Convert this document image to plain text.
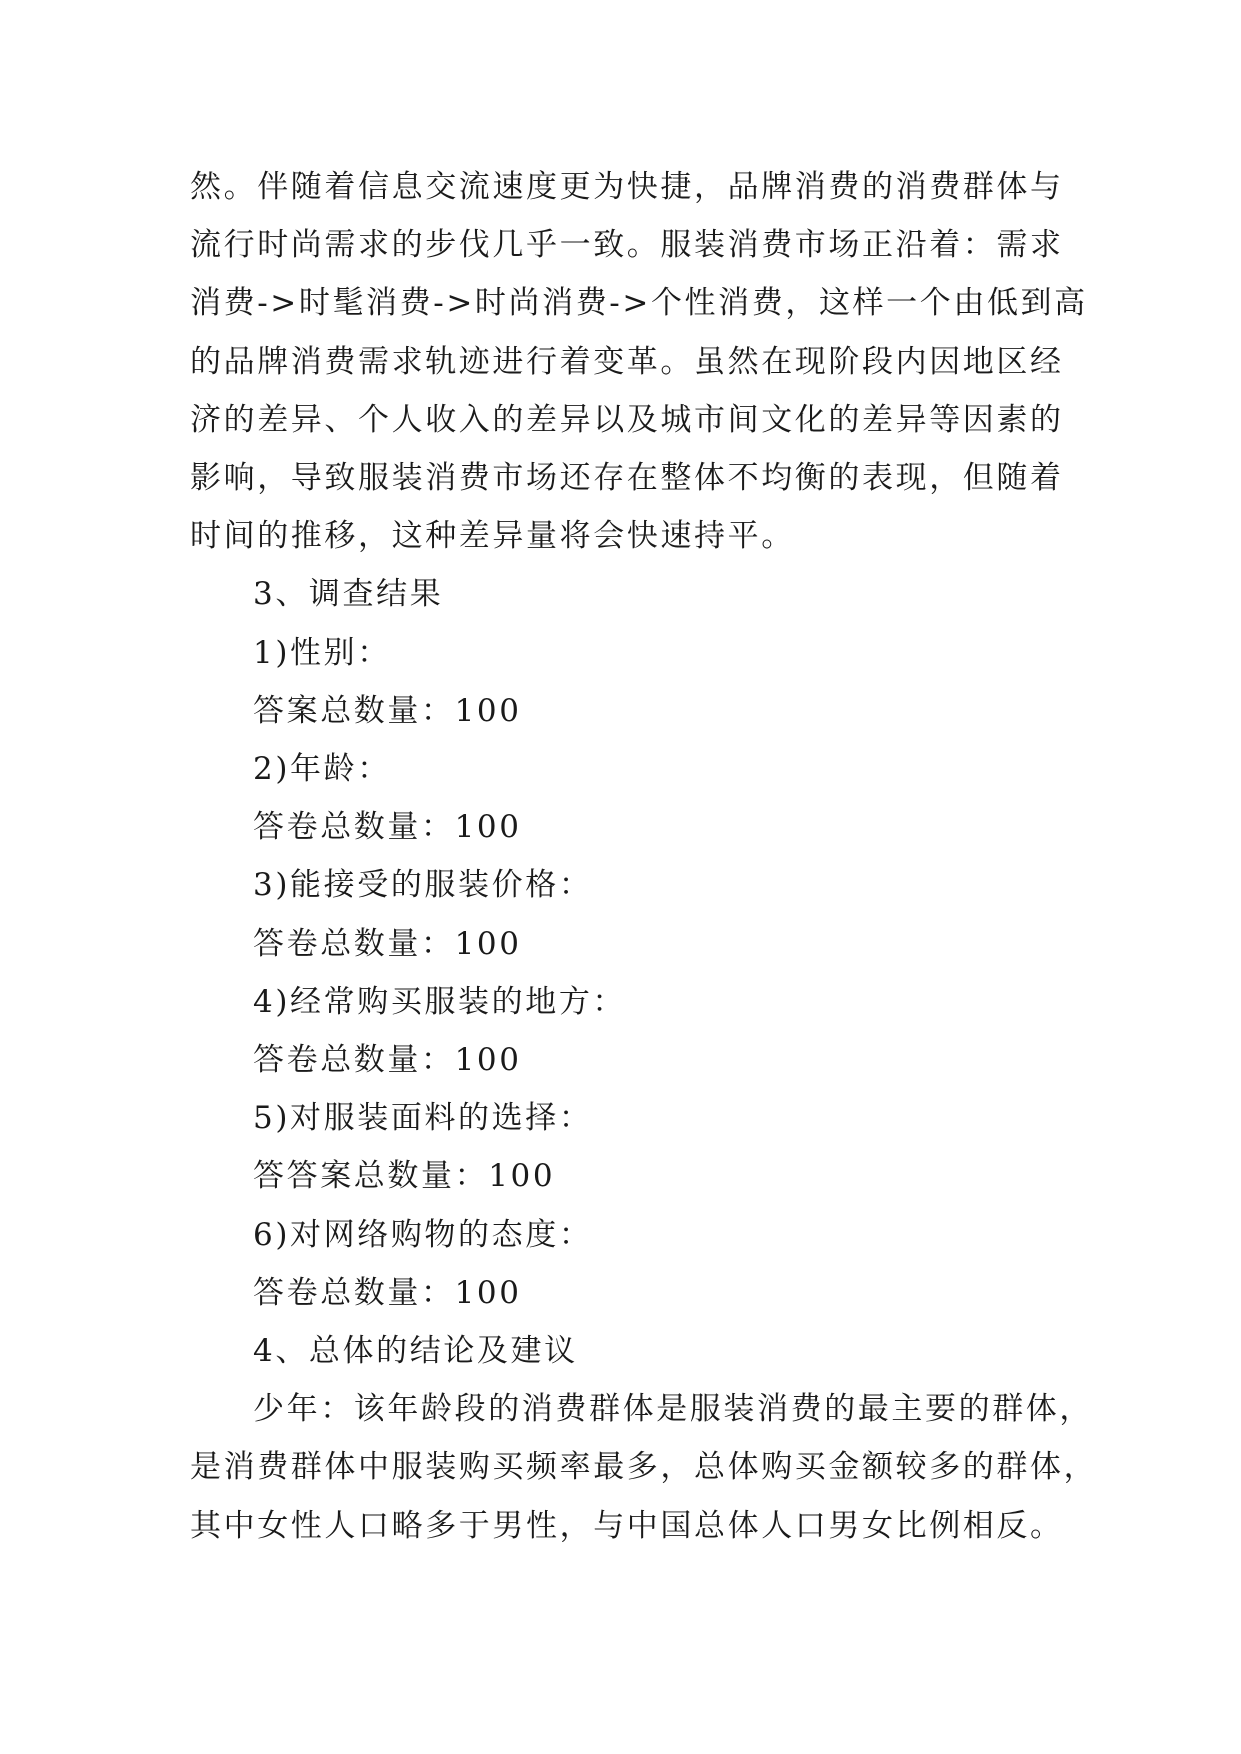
然。伴随着信息交流速度更为快捷，品牌消费的消费群体与
流行时尚需求的步伐几乎一致。服装消费市场正沿着：需求
消费->时髦消费->时尚消费->个性消费，这样一个由低到高
的品牌消费需求轨迹进行着变革。虽然在现阶段内因地区经
济的差异、个人收入的差异以及城市间文化的差异等因素的
影响，导致服装消费市场还存在整体不均衡的表现，但随着
时间的推移，这种差异量将会快速持平。

3、调查结果

1)性别：

答案总数量：100

2)年龄：

答卷总数量：100

3)能接受的服装价格：

答卷总数量：100

4)经常购买服装的地方：

答卷总数量：100

5)对服装面料的选择：

答答案总数量：100

6)对网络购物的态度：

答卷总数量：100

4、总体的结论及建议

少年：该年龄段的消费群体是服装消费的最主要的群体，
是消费群体中服装购买频率最多，总体购买金额较多的群体，
其中女性人口略多于男性，与中国总体人口男女比例相反。
